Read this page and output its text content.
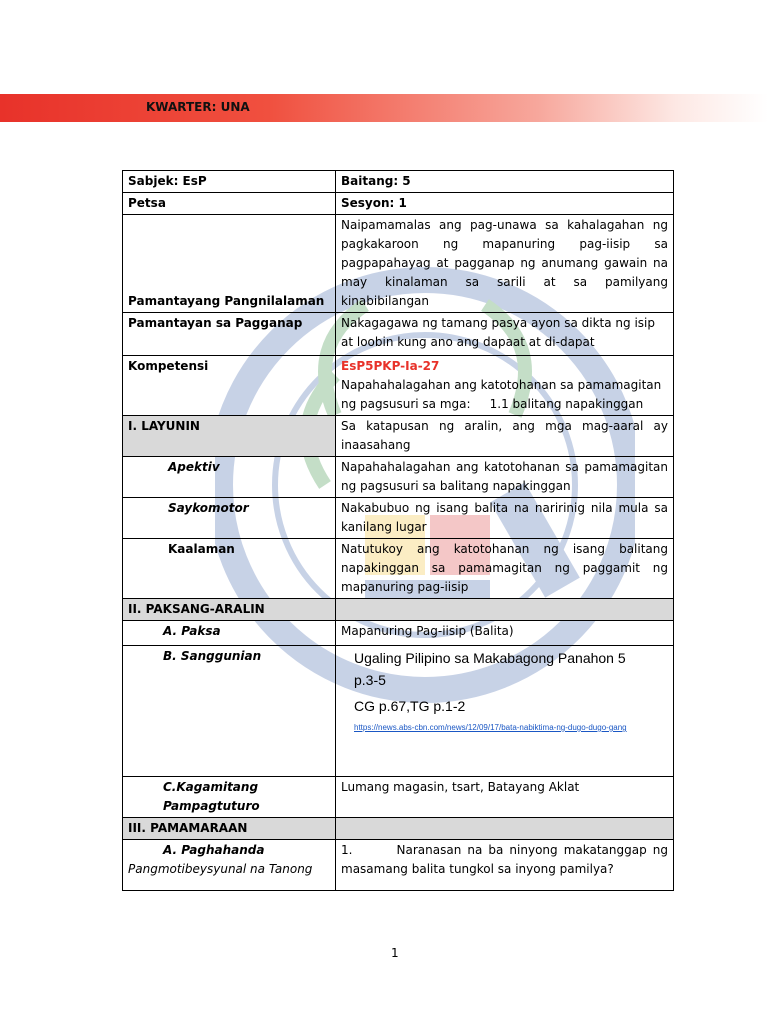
KWARTER: UNA
Sabjek: EsP	Baitang: 5
Petsa	Sesyon: 1
Pamantayang Pangnilalaman	Naipamamalas ang pag-unawa sa kahalagahan ng pagkakaroon ng mapanuring pag-iisip sa pagpapahayag at pagganap ng anumang gawain na may kinalaman sa sarili at sa pamilyang kinabibilangan
Pamantayan sa Pagganap	Nakagagawa ng tamang pasya ayon sa dikta ng isip at loobin kung ano ang dapaat at di-dapat
Kompetensi	EsP5PKP-Ia-27
Napahahalagahan ang katotohanan sa pamamagitan ng pagsusuri sa mga:     1.1 balitang napakinggan

I. LAYUNIN	Sa katapusan ng aralin, ang mga mag-aaral ay inaasahang
Apektiv	Napahahalagahan ang katotohanan sa pamamagitan ng pagsusuri sa balitang napakinggan
Saykomotor	Nakabubuo ng isang balita na naririnig nila mula sa kanilang lugar
Kaalaman	Natutukoy ang katotohanan ng isang balitang napakinggan sa pamamagitan ng paggamit ng mapanuring pag-iisip
II. PAKSANG-ARALIN	
A. Paksa	Mapanuring Pag-iisip (Balita)
B. Sanggunian	Ugaling Pilipino sa Makabagong Panahon 5 p.3-5
CG p.67,TG p.1-2
https://news.abs-cbn.com/news/12/09/17/bata-nabiktima-ng-dugo-dugo-gang

C.Kagamitang Pampagtuturo	Lumang magasin, tsart, Batayang Aklat
III. PAMAMARAAN	

A. Paghahanda
Pangmotibeysyunal na Tanong	1. Naranasan na ba ninyong makatanggap ng masamang balita tungkol sa inyong pamilya?
1
